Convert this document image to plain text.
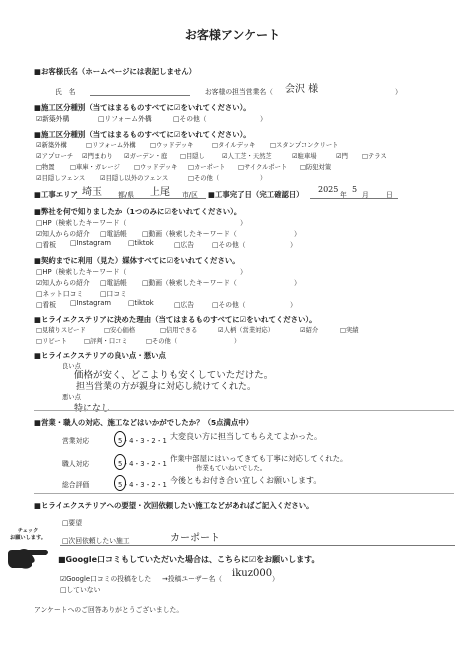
お客様アンケート
■お客様氏名（ホームページには表記しません）
氏　名	お客様の担当営業名（ 会沢 様	）
■施工区分種別（当てはまるものすべてに☑をいれてください）。
☑新築外構	□リフォーム外構	□その他（	）
■施工区分種別（当てはまるものすべてに☑をいれてください）。
☑新築外構	□リフォーム外構 □ウッドデッキ	□タイルデッキ □スタンプコンクリート
☑アプローチ ☑門まわり ☑ガーデン・庭 □目隠し	☑人工芝・天然芝	☑駐車場	☑門 □テラス
□物置 □車庫・ガレージ □ウッドデッキ □カーポート □サイクルポート □防犯対策
☑目隠しフェンス ☑目隠し以外のフェンス	□その他（	）
■工事エリア 埼玉 都/県 上尾 市/区 ■工事完了日（完工確認日）
2025
年
5
月	日
■弊社を何で知りましたか（1つのみに☑をいれてください）。
□HP（検索したキーワード（	）
☑知人からの紹介 □電話帳 □動画（検索したキーワード（	）
□看板 □Instagram □tiktok	□広告	□その他（	）
■契約までに利用（見た）媒体すべてに☑をいれてください。
□HP（検索したキーワード（	）
☑知人からの紹介 □電話帳 □動画（検索したキーワード（	）
□ネット口コミ □口コミ
□看板 □Instagram □tiktok	□広告	□その他（	）
■ヒライエクステリアに決めた理由（当てはまるものすべてに☑をいれてください）。
□見積りスピード	□安心価格	□信用できる	☑人柄（営業対応）	☑紹介	□実績
□リピート	□評判・口コミ	□その他（	）
■ヒライエクステリアの良い点・悪い点
良い点
価格が安く、どこよりも安くしていただけた。
担当営業の方が親身に対応し続けてくれた。
悪い点
特になし
■営業・職人の対応、施工などはいかがでしたか？（5点満点中）
営業対応	5・4・3・2・1 大変良い方に担当してもらえてよかった。
職人対応	5・4・3・2・1
作業中部屋にはいってきても丁寧に対応してくれた。
作業もていねいでした。
総合評価	5・4・3・2・1 今後ともお付き合い宜しくお願いします。
■ヒライエクステリアへの要望・次回依頼したい施工などがあればご記入ください。
□要望
□次回依頼したい施工	カーポート
チェック
お願いします。
■Google口コミもしていただいた場合は、こちらに☑をお願いします。
☑Google口コミの投稿をした →投稿ユーザー名（ ikuz000 ）
□していない
アンケートへのご回答ありがとうございました。
